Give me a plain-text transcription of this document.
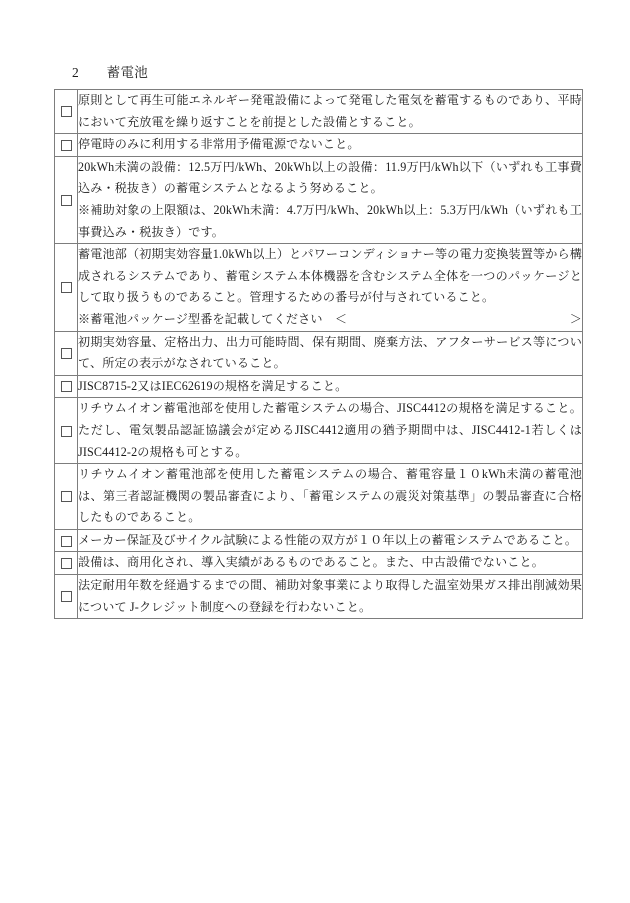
2　　蓄電池

	原則として再生可能エネルギー発電設備によって発電した電気を蓄電するものであり、平時において充放電を繰り返すことを前提とした設備とすること。

	停電時のみに利用する非常用予備電源でないこと。

	20kWh未満の設備：12.5万円/kWh、20kWh以上の設備：11.9万円/kWh以下（いずれも工事費込み・税抜き）の蓄電システムとなるよう努めること。

※補助対象の上限額は、20kWh未満：4.7万円/kWh、20kWh以上：5.3万円/kWh（いずれも工事費込み・税抜き）です。

	蓄電池部（初期実効容量1.0kWh以上）とパワーコンディショナー等の電力変換装置等から構成されるシステムであり、蓄電システム本体機器を含むシステム全体を一つのパッケージとして取り扱うものであること。管理するための番号が付与されていること。

※蓄電池パッケージ型番を記載してください　 ＜ ＞

	初期実効容量、定格出力、出力可能時間、保有期間、廃棄方法、アフターサービス等について、所定の表示がなされていること。

	JISC8715-2又はIEC62619の規格を満足すること。

	リチウムイオン蓄電池部を使用した蓄電システムの場合、JISC4412の規格を満足すること。ただし、電気製品認証協議会が定めるJISC4412適用の猶予期間中は、JISC4412-1若しくはJISC4412-2の規格も可とする。

	リチウムイオン蓄電池部を使用した蓄電システムの場合、蓄電容量１０kWh未満の蓄電池は、第三者認証機関の製品審査により、「蓄電システムの震災対策基準」の製品審査に合格したものであること。

	メーカー保証及びサイクル試験による性能の双方が１０年以上の蓄電システムであること。

	設備は、商用化され、導入実績があるものであること。また、中古設備でないこと。

	法定耐用年数を経過するまでの間、補助対象事業により取得した温室効果ガス排出削減効果について J-クレジット制度への登録を行わないこと。
